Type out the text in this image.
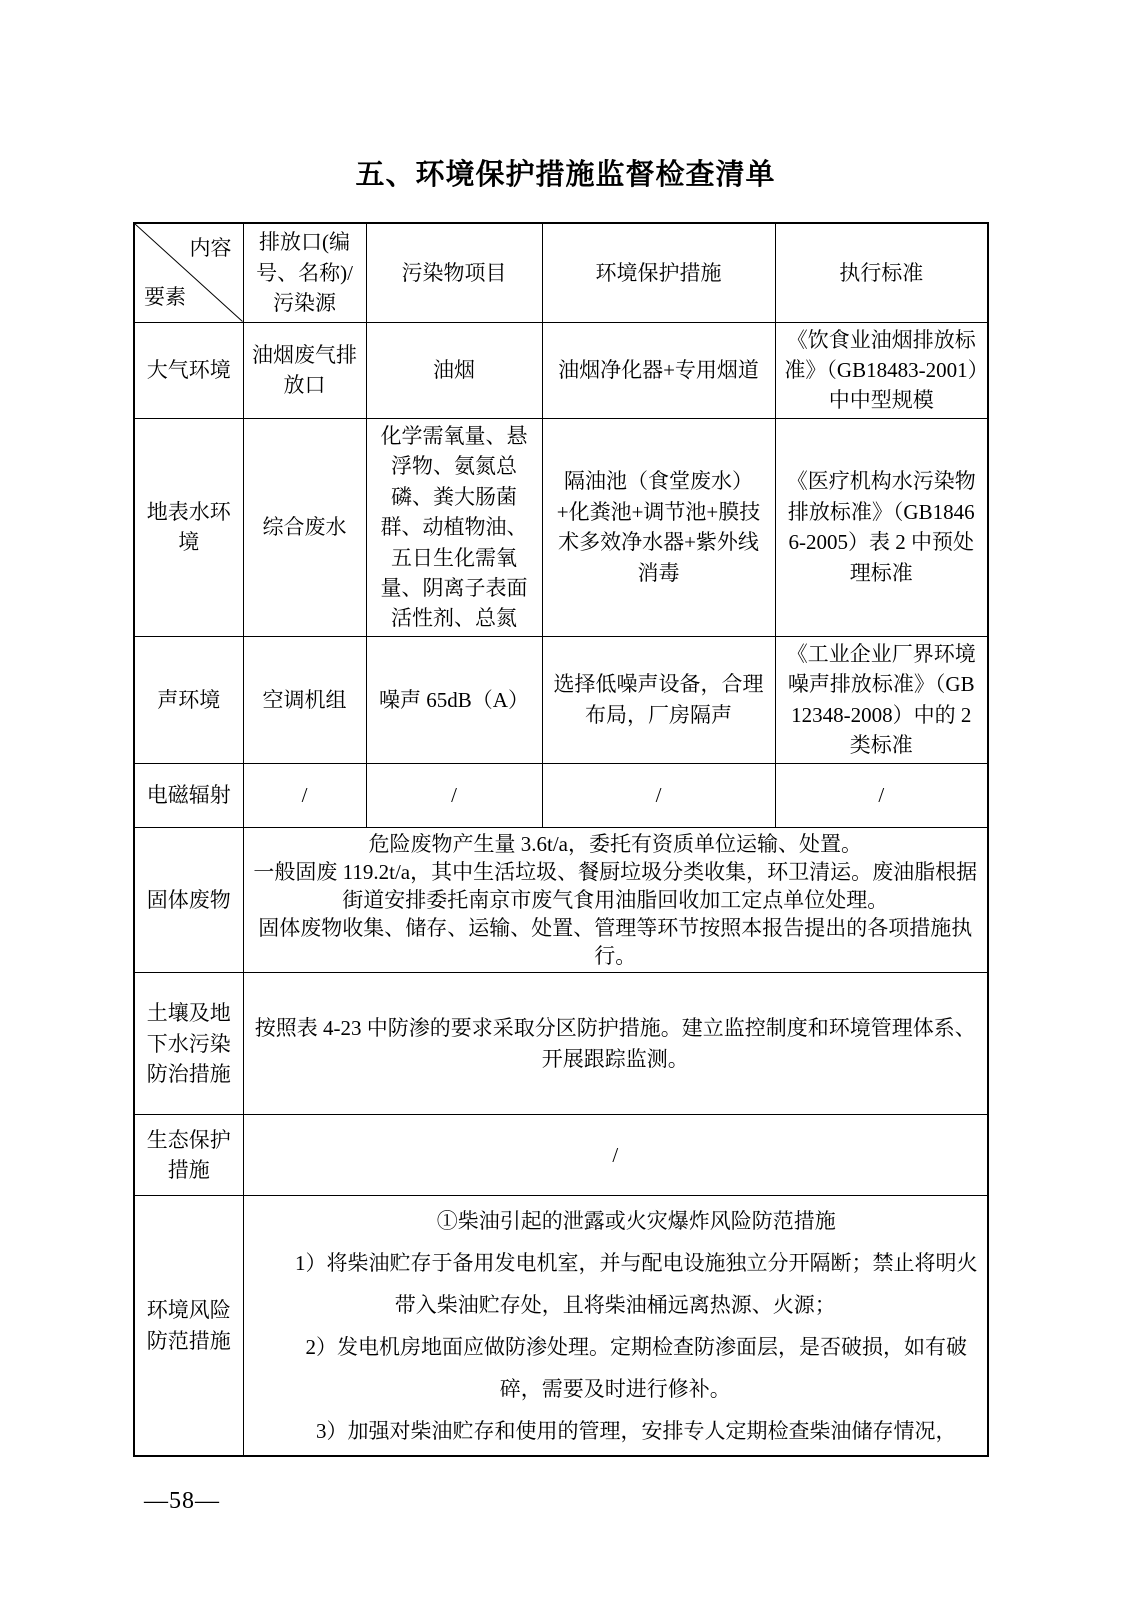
五、环境保护措施监督检查清单
内容
要素	排放口(编号、名称)/污染源	污染物项目	环境保护措施	执行标准
大气环境	油烟废气排放口	油烟	油烟净化器+专用烟道	《饮食业油烟排放标准》（GB18483-2001）中中型规模
地表水环境	综合废水	化学需氧量、悬浮物、氨氮总磷、粪大肠菌群、动植物油、五日生化需氧量、阴离子表面活性剂、总氮	隔油池（食堂废水）+化粪池+调节池+膜技术多效净水器+紫外线消毒	《医疗机构水污染物排放标准》（GB18466-2005）表 2 中预处理标准
声环境	空调机组	噪声 65dB（A）	选择低噪声设备，合理布局，厂房隔声	《工业企业厂界环境噪声排放标准》（GB12348-2008）中的 2 类标准
电磁辐射	/	/	/	/
固体废物	危险废物产生量 3.6t/a，委托有资质单位运输、处置。

一般固废 119.2t/a，其中生活垃圾、餐厨垃圾分类收集，环卫清运。废油脂根据街道安排委托南京市废气食用油脂回收加工定点单位处理。

固体废物收集、储存、运输、处置、管理等环节按照本报告提出的各项措施执行。			

土壤及地下水污染防治措施	按照表 4-23 中防渗的要求采取分区防护措施。建立监控制度和环境管理体系、开展跟踪监测。			
生态保护措施	/			
环境风险防范措施	①柴油引起的泄露或火灾爆炸风险防范措施

1）将柴油贮存于备用发电机室，并与配电设施独立分开隔断；禁止将明火带入柴油贮存处，且将柴油桶远离热源、火源；

2）发电机房地面应做防渗处理。定期检查防渗面层，是否破损，如有破碎，需要及时进行修补。

3）加强对柴油贮存和使用的管理，安排专人定期检查柴油储存情况，			

—58—
